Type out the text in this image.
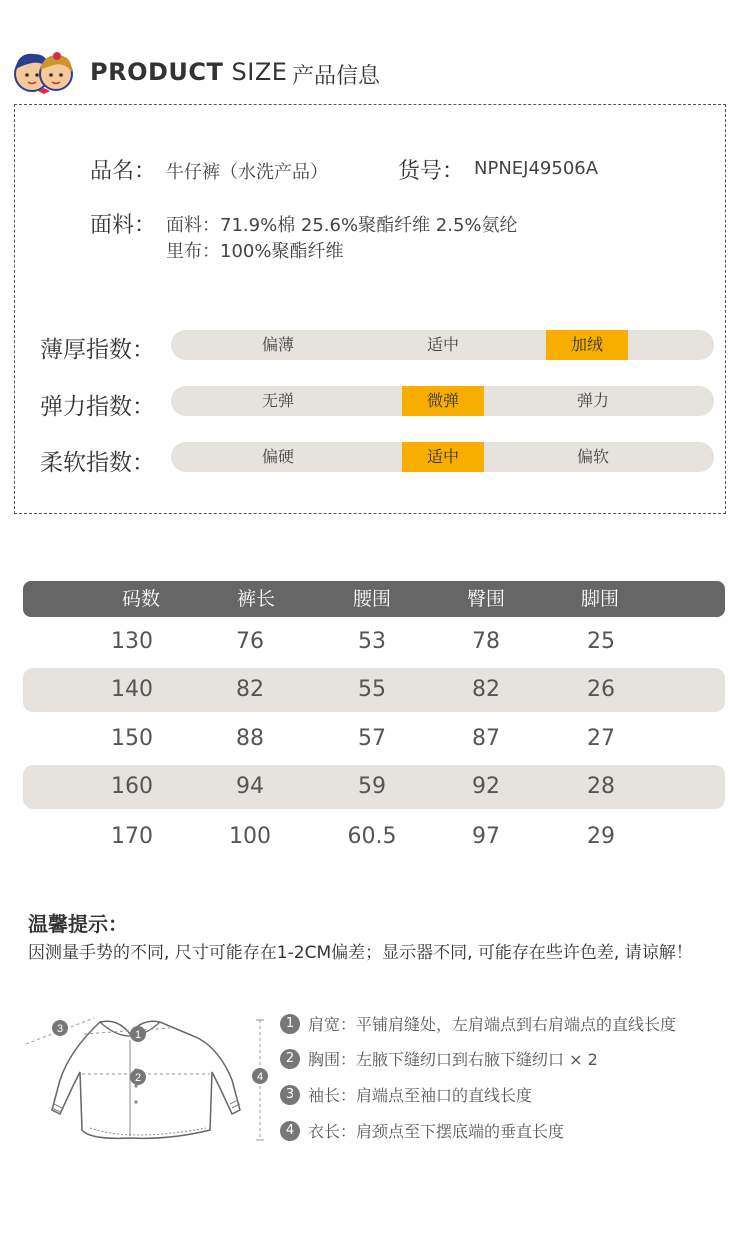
PRODUCT SIZE 产品信息
品名： 牛仔裤（水洗产品）	货号： NPNEJ49506A
面料： 面料：71.9%棉 25.6%聚酯纤维 2.5%氨纶
里布：100%聚酯纤维
薄厚指数：	偏薄	适中	加绒
弹力指数：	无弹	微弹	弹力
柔软指数：	偏硬	适中	偏软
码数	裤长	腰围	臀围	脚围
130	76	53	78	25
140	82	55	82	26
150	88	57	87	27
160	94	59	92	28
170	100	60.5	97	29
温馨提示：
因测量手势的不同, 尺寸可能存在1-2CM偏差；显示器不同, 可能存在些许色差, 请谅解！
1
2
3
4
1 肩宽：平铺肩缝处，左肩端点到右肩端点的直线长度
2 胸围：左腋下缝纫口到右腋下缝纫口 × 2
3 袖长：肩端点至袖口的直线长度
4 衣长：肩颈点至下摆底端的垂直长度
